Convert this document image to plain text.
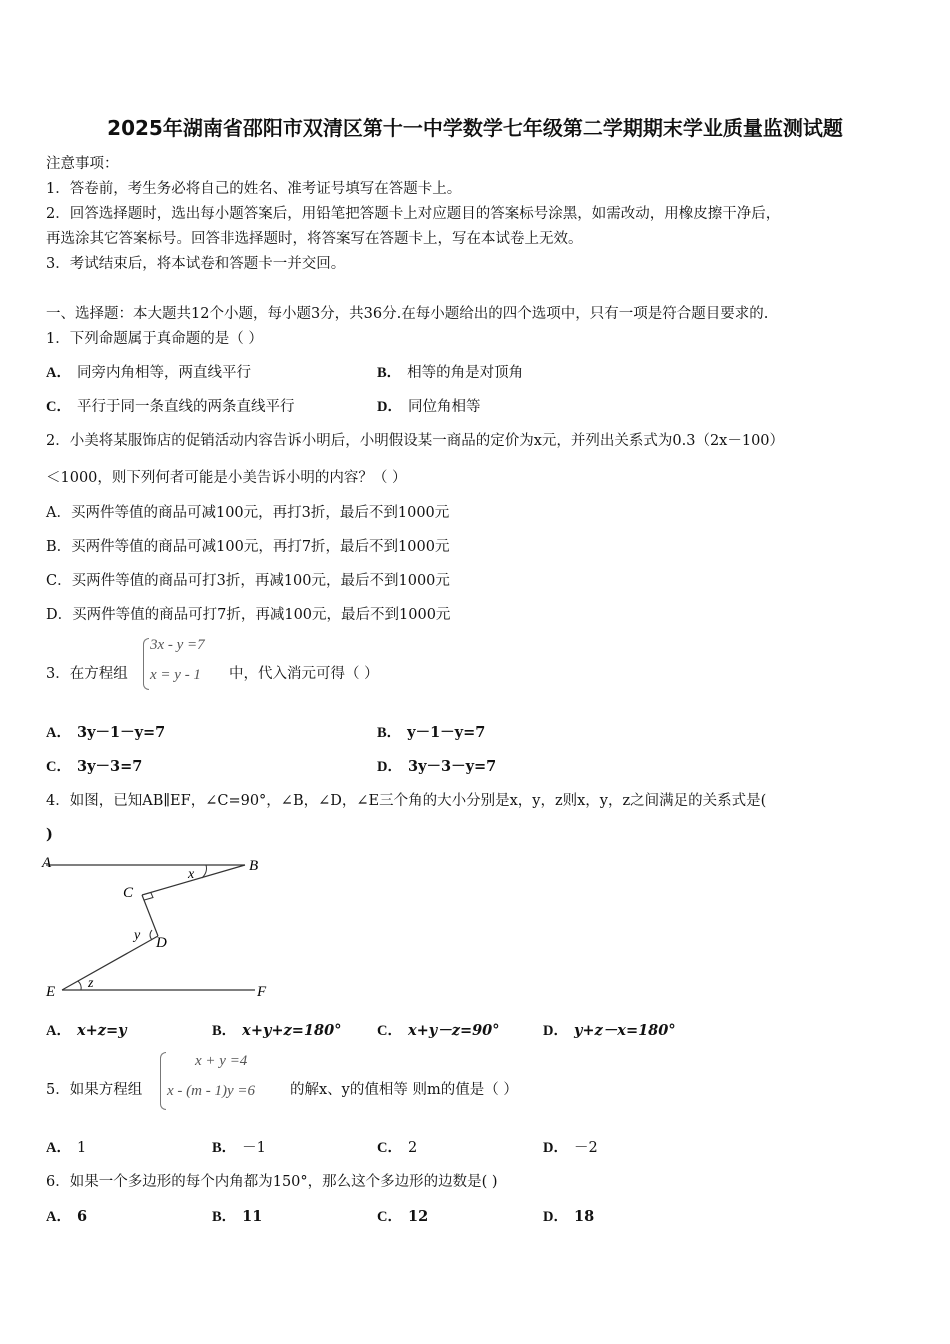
2025年湖南省邵阳市双清区第十一中学数学七年级第二学期期末学业质量监测试题
注意事项：
1．答卷前，考生务必将自己的姓名、准考证号填写在答题卡上。
2．回答选择题时，选出每小题答案后，用铅笔把答题卡上对应题目的答案标号涂黑，如需改动，用橡皮擦干净后，
再选涂其它答案标号。回答非选择题时，将答案写在答题卡上，写在本试卷上无效。
3．考试结束后，将本试卷和答题卡一并交回。
一、选择题：本大题共12个小题，每小题3分，共36分.在每小题给出的四个选项中，只有一项是符合题目要求的.
1．下列命题属于真命题的是（ ）
A． 同旁内角相等，两直线平行	B． 相等的角是对顶角
C． 平行于同一条直线的两条直线平行	D． 同位角相等
2．小美将某服饰店的促销活动内容告诉小明后，小明假设某一商品的定价为x元，并列出关系式为0.3（2x－100）
＜1000，则下列何者可能是小美告诉小明的内容？（ ）
A．买两件等值的商品可减100元，再打3折，最后不到1000元
B．买两件等值的商品可减100元，再打7折，最后不到1000元
C．买两件等值的商品可打3折，再减100元，最后不到1000元
D．买两件等值的商品可打7折，再减100元，最后不到1000元
3．在方程组
3x - y =7
x = y - 1 中，代入消元可得（ ）
A． 3y－1－y=7	B． y－1－y=7
C． 3y－3=7	D． 3y－3－y=7
4．如图，已知AB∥EF，∠C=90°，∠B，∠D，∠E三个角的大小分别是x，y，z则x，y，z之间满足的关系式是(
)
A	B
C
D
E	F
x
y
z
A． x+z=y	B． x+y+z=180° C． x+y－z=90°	D． y+z－x=180°
5．如果方程组
x + y =4
x - (m - 1)y =6 的解x、y的值相等 则m的值是（ ）
A． 1	B． －1	C． 2	D． －2
6．如果一个多边形的每个内角都为150°，那么这个多边形的边数是( )
A． 6	B． 11	C． 12	D． 18
